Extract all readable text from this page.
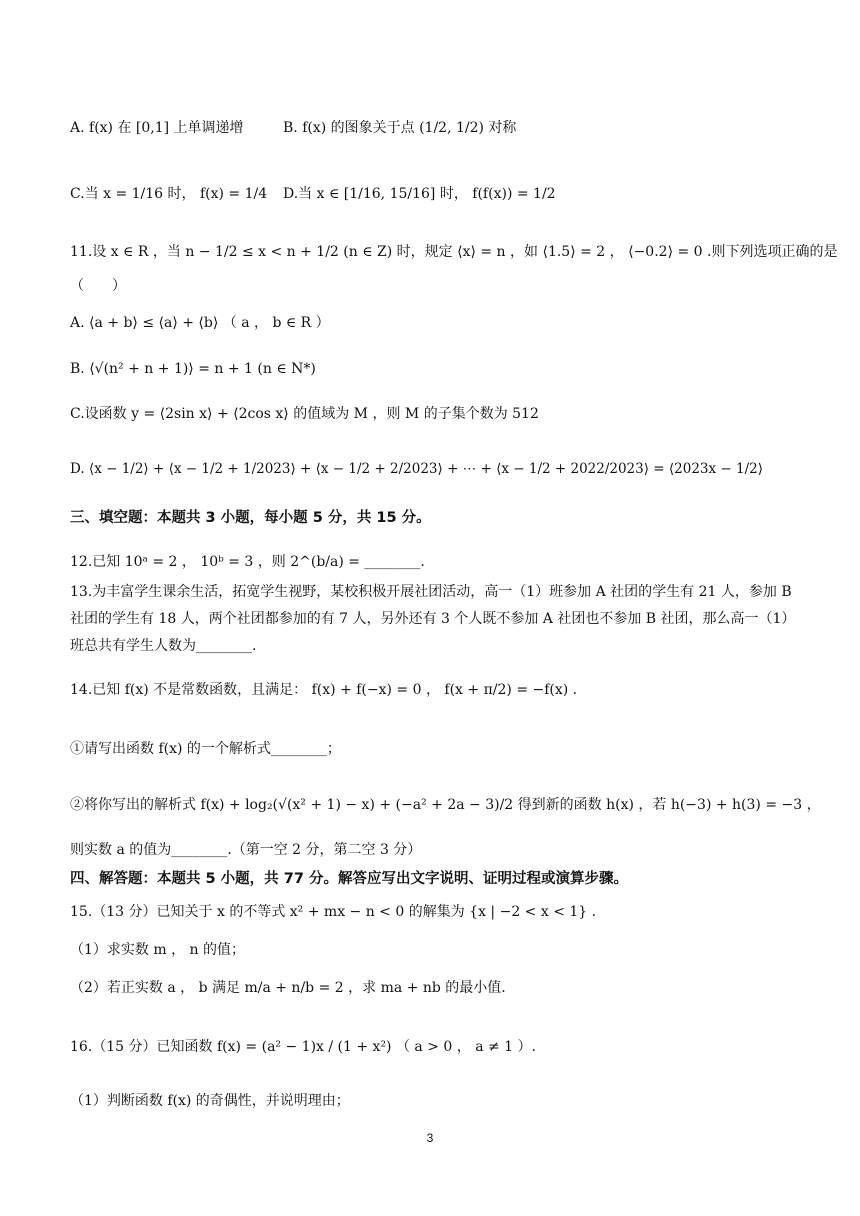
A. f(x) 在 [0,1] 上单调递增	B. f(x) 的图象关于点 (1/2, 1/2) 对称
C.当 x = 1/16 时， f(x) = 1/4 D.当 x ∈ [1/16, 15/16] 时， f(f(x)) = 1/2
11.设 x ∈ R ，当 n − 1/2 ≤ x < n + 1/2 (n ∈ Z) 时，规定 ⟨x⟩ = n ，如 ⟨1.5⟩ = 2 ， ⟨−0.2⟩ = 0 .则下列选项正确的是
（　　）
A. ⟨a + b⟩ ≤ ⟨a⟩ + ⟨b⟩ （ a ， b ∈ R ）
B. ⟨√(n² + n + 1)⟩ = n + 1 (n ∈ N*)
C.设函数 y = ⟨2sin x⟩ + ⟨2cos x⟩ 的值域为 M ，则 M 的子集个数为 512
D. ⟨x − 1/2⟩ + ⟨x − 1/2 + 1/2023⟩ + ⟨x − 1/2 + 2/2023⟩ + ⋯ + ⟨x − 1/2 + 2022/2023⟩ = ⟨2023x − 1/2⟩
三、填空题：本题共 3 小题，每小题 5 分，共 15 分。
12.已知 10ᵃ = 2 ， 10ᵇ = 3 ，则 2^(b/a) = ________.
13.为丰富学生课余生活，拓宽学生视野，某校积极开展社团活动，高一（1）班参加 A 社团的学生有 21 人，参加 B 社团的学生有 18 人，两个社团都参加的有 7 人，另外还有 3 个人既不参加 A 社团也不参加 B 社团，那么高一（1）班总共有学生人数为________.
14.已知 f(x) 不是常数函数，且满足： f(x) + f(−x) = 0 ， f(x + π/2) = −f(x) .
①请写出函数 f(x) 的一个解析式________；
②将你写出的解析式 f(x) + log₂(√(x² + 1) − x) + (−a² + 2a − 3)/2 得到新的函数 h(x) ，若 h(−3) + h(3) = −3 ，
则实数 a 的值为________.（第一空 2 分，第二空 3 分）
四、解答题：本题共 5 小题，共 77 分。解答应写出文字说明、证明过程或演算步骤。
15.（13 分）已知关于 x 的不等式 x² + mx − n < 0 的解集为 {x | −2 < x < 1} .
（1）求实数 m ， n 的值；
（2）若正实数 a ， b 满足 m/a + n/b = 2 ，求 ma + nb 的最小值.
16.（15 分）已知函数 f(x) = (a² − 1)x / (1 + x²) （ a > 0 ， a ≠ 1 ）.
（1）判断函数 f(x) 的奇偶性，并说明理由；
3
